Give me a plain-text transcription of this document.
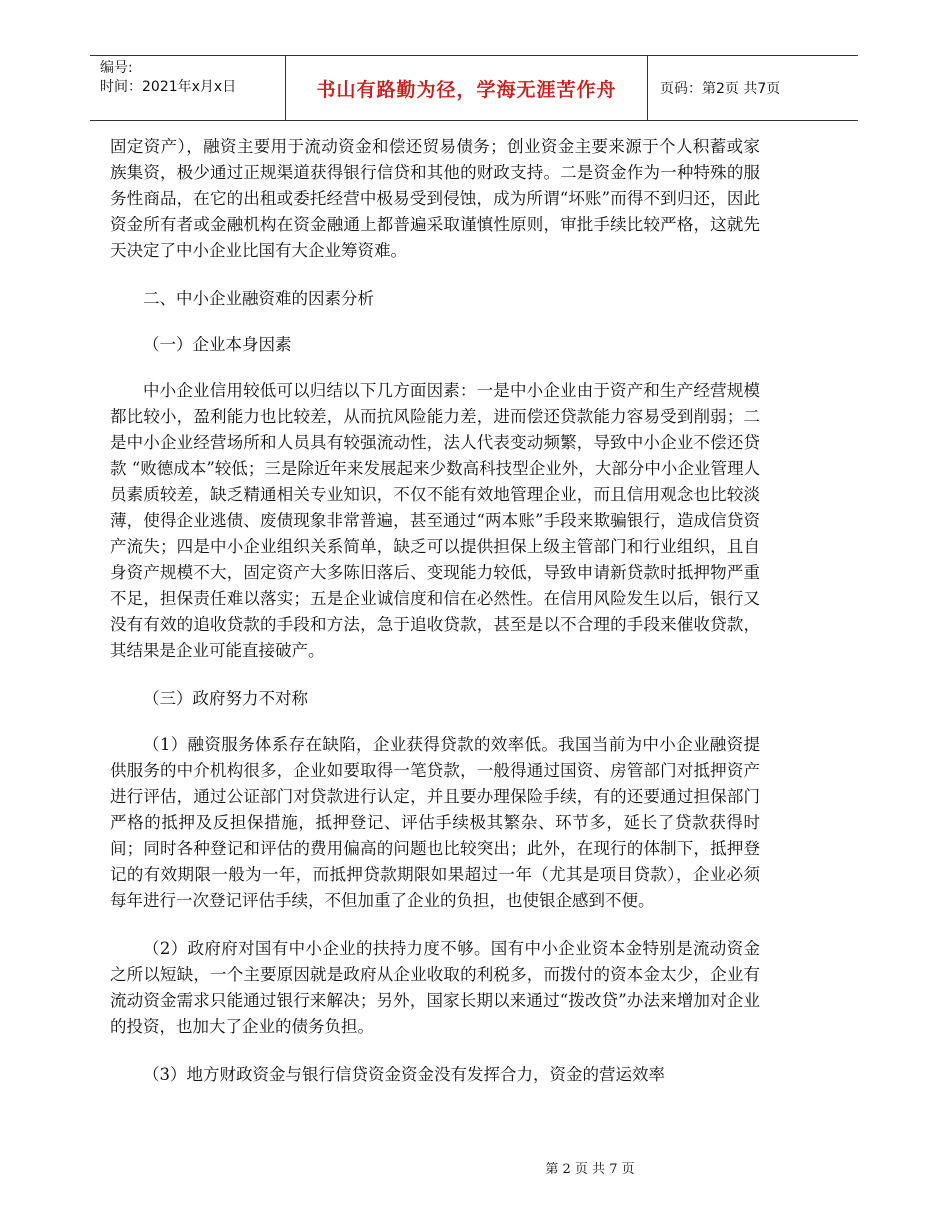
编号:
时间：2021年x月x日	书山有路勤为径，学海无涯苦作舟	页码：第2页 共7页

固定资产），融资主要用于流动资金和偿还贸易债务；创业资金主要来源于个人积蓄或家族集资，极少通过正规渠道获得银行信贷和其他的财政支持。二是资金作为一种特殊的服务性商品，在它的出租或委托经营中极易受到侵蚀，成为所谓“坏账”而得不到归还，因此资金所有者或金融机构在资金融通上都普遍采取谨慎性原则，审批手续比较严格，这就先天决定了中小企业比国有大企业筹资难。

二、中小企业融资难的因素分析

（一）企业本身因素

中小企业信用较低可以归结以下几方面因素：一是中小企业由于资产和生产经营规模都比较小，盈利能力也比较差，从而抗风险能力差，进而偿还贷款能力容易受到削弱；二是中小企业经营场所和人员具有较强流动性，法人代表变动频繁，导致中小企业不偿还贷款 “败德成本”较低；三是除近年来发展起来少数高科技型企业外，大部分中小企业管理人员素质较差，缺乏精通相关专业知识，不仅不能有效地管理企业，而且信用观念也比较淡薄，使得企业逃债、废债现象非常普遍，甚至通过“两本账”手段来欺骗银行，造成信贷资产流失；四是中小企业组织关系简单，缺乏可以提供担保上级主管部门和行业组织，且自身资产规模不大，固定资产大多陈旧落后、变现能力较低，导致申请新贷款时抵押物严重不足，担保责任难以落实；五是企业诚信度和信在必然性。在信用风险发生以后，银行又没有有效的追收贷款的手段和方法，急于追收贷款，甚至是以不合理的手段来催收贷款，其结果是企业可能直接破产。

（三）政府努力不对称

（1）融资服务体系存在缺陷，企业获得贷款的效率低。我国当前为中小企业融资提供服务的中介机构很多，企业如要取得一笔贷款，一般得通过国资、房管部门对抵押资产进行评估，通过公证部门对贷款进行认定，并且要办理保险手续，有的还要通过担保部门严格的抵押及反担保措施，抵押登记、评估手续极其繁杂、环节多，延长了贷款获得时间；同时各种登记和评估的费用偏高的问题也比较突出；此外，在现行的体制下，抵押登记的有效期限一般为一年，而抵押贷款期限如果超过一年（尤其是项目贷款），企业必须每年进行一次登记评估手续，不但加重了企业的负担，也使银企感到不便。

（2）政府府对国有中小企业的扶持力度不够。国有中小企业资本金特别是流动资金之所以短缺，一个主要原因就是政府从企业收取的利税多，而拨付的资本金太少，企业有流动资金需求只能通过银行来解决；另外，国家长期以来通过“拨改贷”办法来增加对企业的投资，也加大了企业的债务负担。

（3）地方财政资金与银行信贷资金资金没有发挥合力，资金的营运效率

第 2 页 共 7 页
